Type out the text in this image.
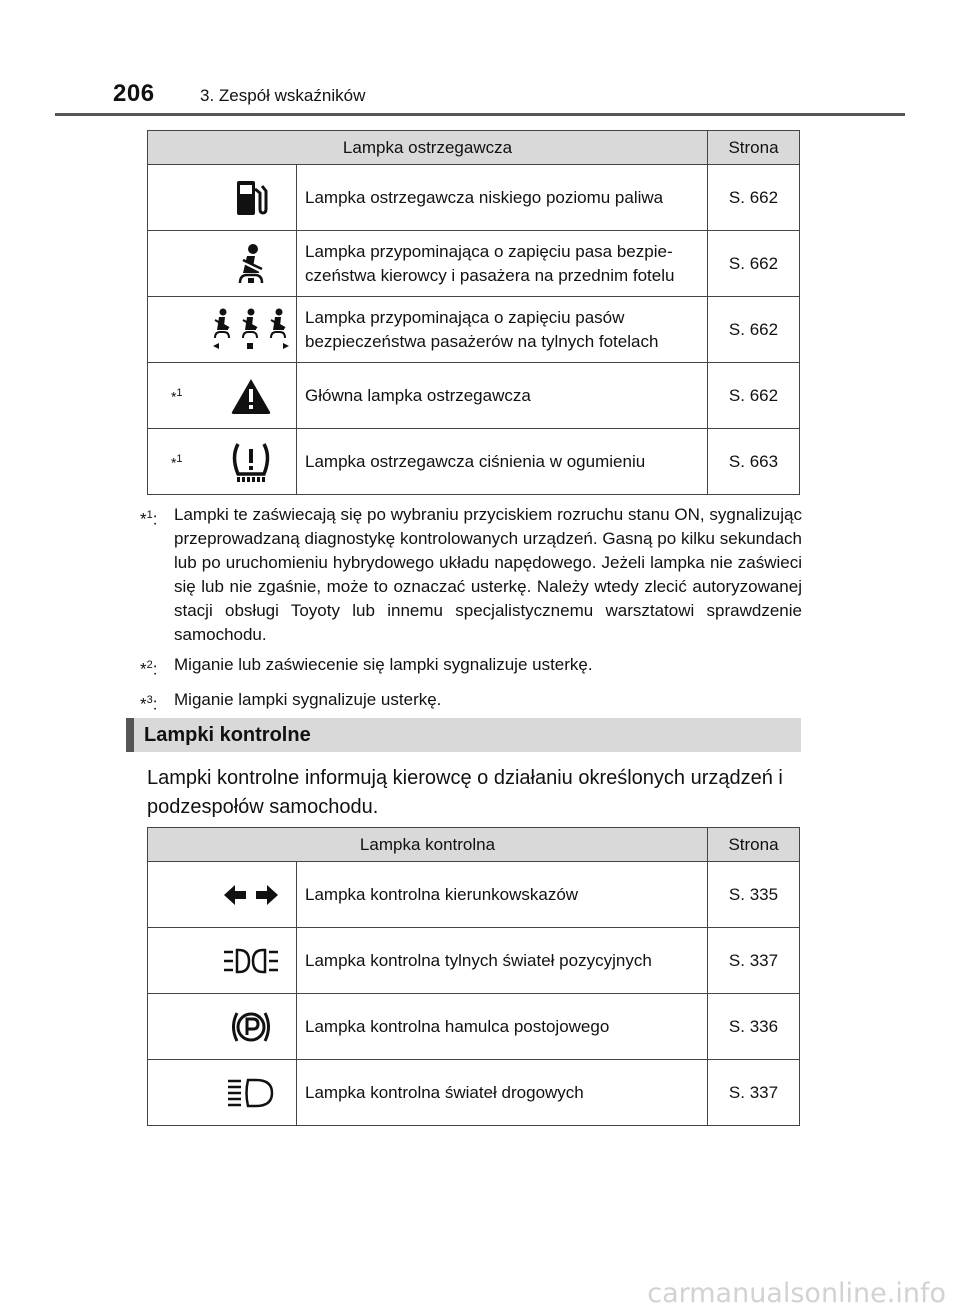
206	3. Zespół wskaźników
Lampka ostrzegawcza			Strona

	Lampka ostrzegawcza niskiego poziomu paliwa	S. 662

Lampka przypominająca o zapięciu pasa bezpie-
czeństwa kierowcy i pasażera na przednim fotelu	S. 662

Lampka przypominająca o zapięciu pasów
bezpieczeństwa pasażerów na tylnych fotelach	S. 662
*$^1$		Główna lampka ostrzegawcza	S. 662
*$^1$		Lampka ostrzegawcza ciśnienia w ogumieniu	S. 663
*$^1$: Lampki te zaświecają się po wybraniu przyciskiem rozruchu stanu ON, sygnalizując przeprowadzaną diagnostykę kontrolowanych urządzeń. Gasną po kilku sekundach lub po uruchomieniu hybrydowego układu napędowego. Jeżeli lampka nie zaświeci się lub nie zgaśnie, może to oznaczać usterkę. Należy wtedy zlecić autoryzowanej stacji obsługi Toyoty lub innemu specjalistycznemu warsztatowi sprawdzenie samochodu.
*$^2$: Miganie lub zaświecenie się lampki sygnalizuje usterkę.
*$^3$: Miganie lampki sygnalizuje usterkę.
Lampki kontrolne
Lampki kontrolne informują kierowcę o działaniu określonych urządzeń i podzespołów samochodu.
Lampka kontrolna			Strona

	Lampka kontrolna kierunkowskazów	S. 335

	Lampka kontrolna tylnych świateł pozycyjnych	S. 337

	Lampka kontrolna hamulca postojowego	S. 336

	Lampka kontrolna świateł drogowych	S. 337
carmanualsonline.info
